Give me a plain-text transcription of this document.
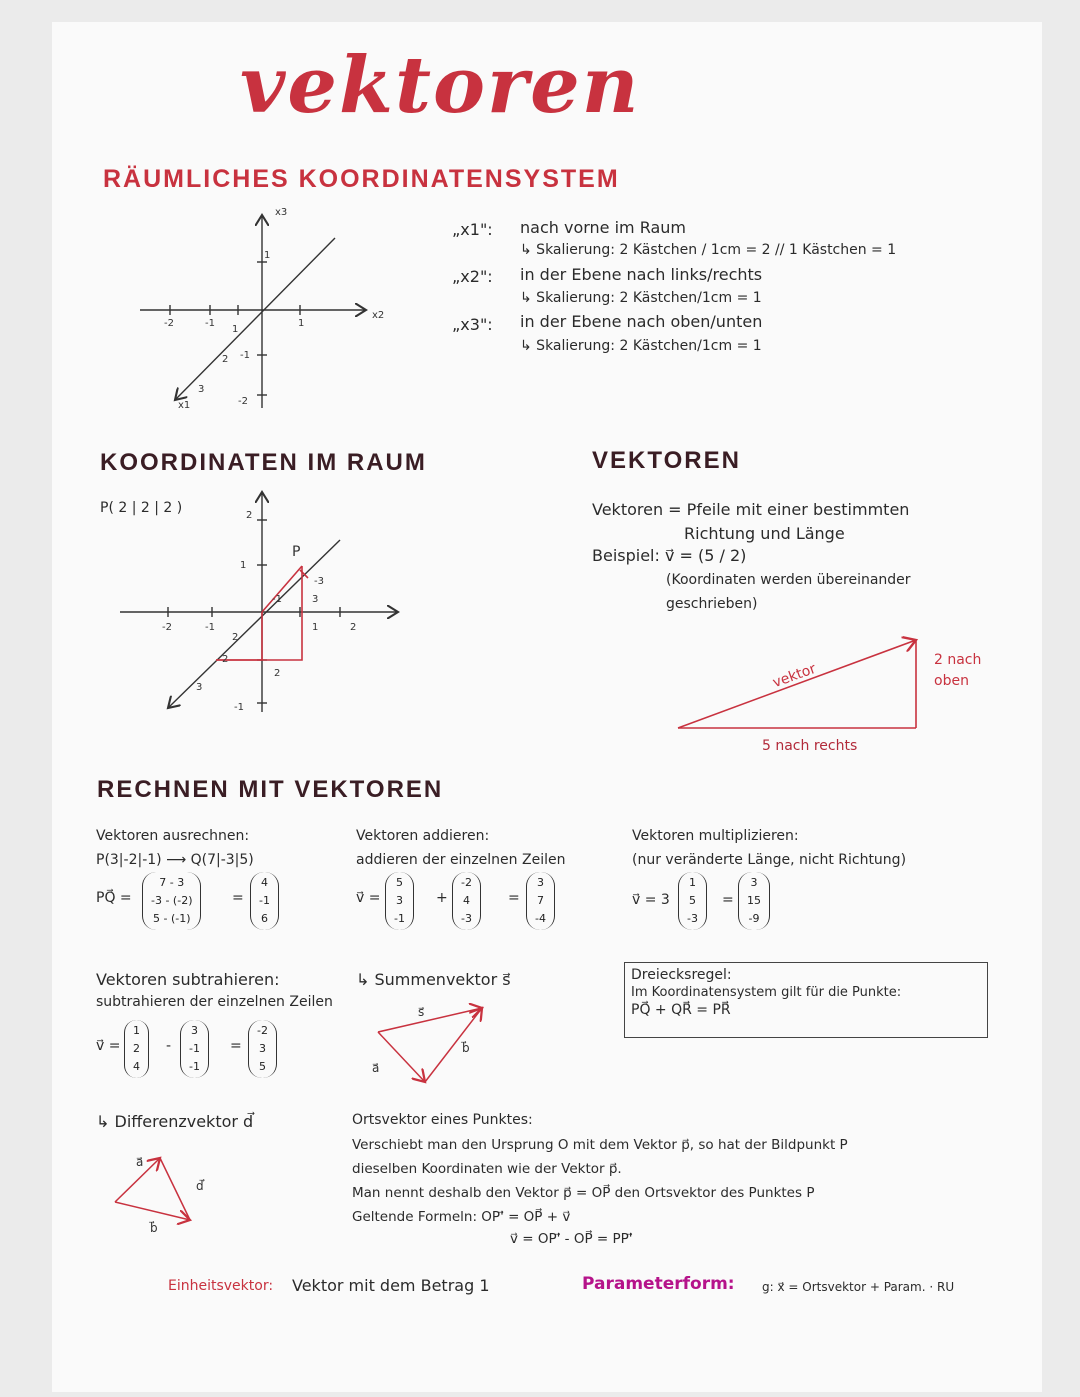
vektoren
RÄUMLICHES KOORDINATENSYSTEM
x3
x2
x1
-2	-1	1
1
2 -1
3
-2
1
2
1
-2	-1	1	2
3
-1
-3
3
2
-1
2
2
P
s⃗
a⃗
b⃗
a⃗
b⃗
d⃗
„x1": nach vorne im Raum
↳ Skalierung: 2 Kästchen / 1cm = 2 // 1 Kästchen = 1
„x2": in der Ebene nach links/rechts
↳ Skalierung: 2 Kästchen/1cm = 1
„x3": in der Ebene nach oben/unten
↳ Skalierung: 2 Kästchen/1cm = 1
KOORDINATEN IM RAUM
P( 2 | 2 | 2 )
VEKTOREN
Vektoren = Pfeile mit einer bestimmten
Richtung und Länge
Beispiel: v⃗ = (5 / 2)
(Koordinaten werden übereinander
geschrieben)
vektor
2 nach
oben
5 nach rechts
RECHNEN MIT VEKTOREN
Vektoren ausrechnen:
P(3|-2|-1) ⟶ Q(7|-3|5)
PQ⃗ =
7 - 3
-3 - (-2)
5 - (-1)
=
4
-1
6
Vektoren addieren:
addieren der einzelnen Zeilen
v⃗ =
5
3
-1
+
-2
4
-3
=
3
7
-4
Vektoren multiplizieren:
(nur veränderte Länge, nicht Richtung)
v⃗ = 3
1
5
-3
=
3
15
-9
Vektoren subtrahieren:
subtrahieren der einzelnen Zeilen
v⃗ =
1
2
4
-
3
-1
-1
=
-2
3
5
↳ Summenvektor s⃗
↳ Differenzvektor d⃗
Dreiecksregel:
Im Koordinatensystem gilt für die Punkte:
PQ⃗ + QR⃗ = PR⃗
Ortsvektor eines Punktes:
Verschiebt man den Ursprung O mit dem Vektor p⃗, so hat der Bildpunkt P
dieselben Koordinaten wie der Vektor p⃗.
Man nennt deshalb den Vektor p⃗ = OP⃗ den Ortsvektor des Punktes P
Geltende Formeln: OP'⃗ = OP⃗ + v⃗
v⃗ = OP'⃗ - OP⃗ = PP'⃗
Einheitsvektor: Vektor mit dem Betrag 1	Parameterform: g: x⃗ = Ortsvektor + Param. · RU
